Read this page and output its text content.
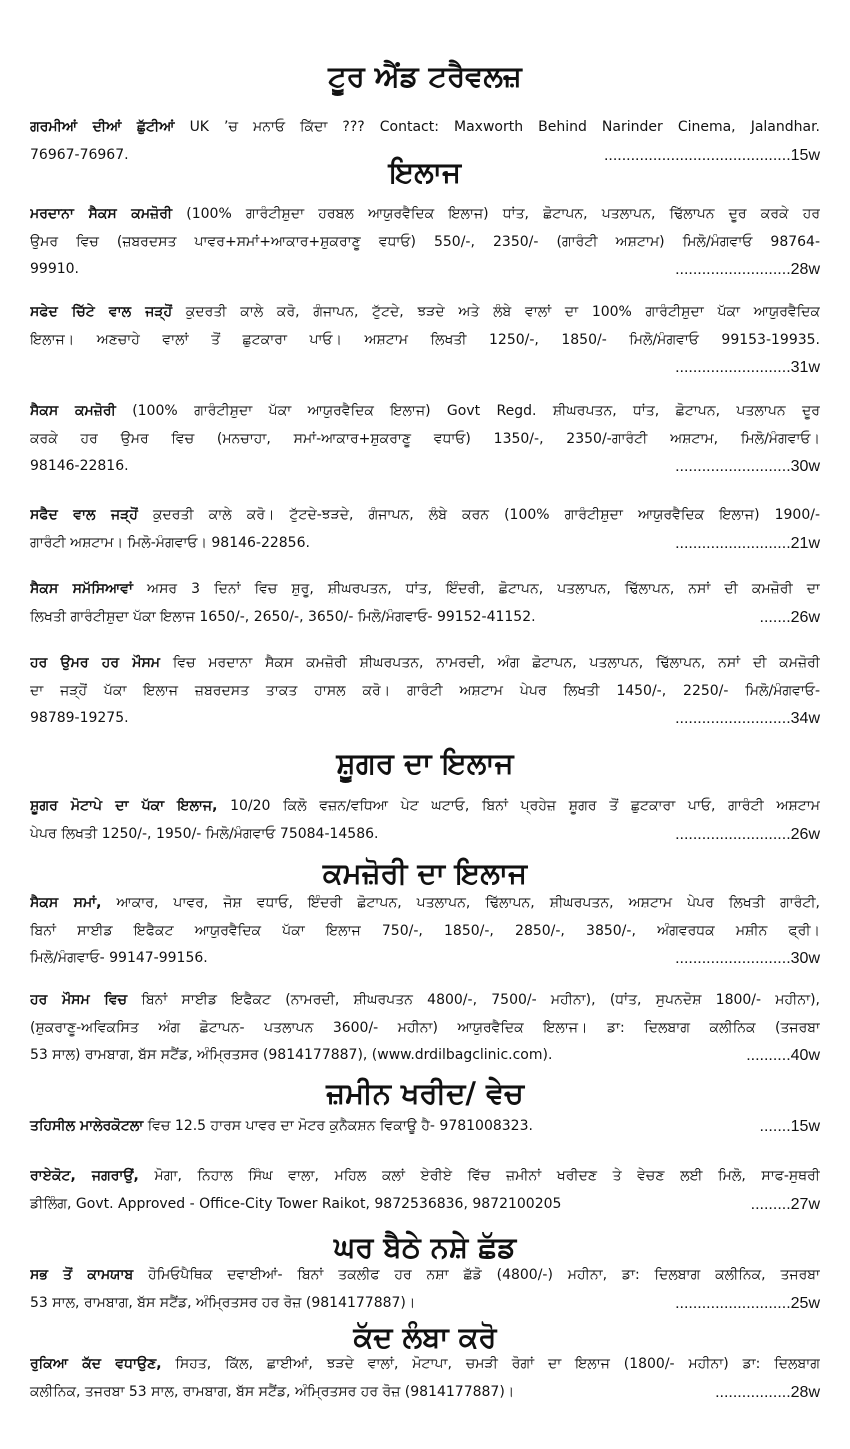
ਟੂਰ ਐਂਡ ਟਰੈਵਲਜ਼
ਗਰਮੀਆਂ ਦੀਆਂ ਛੁੱਟੀਆਂ UK ’ਚ ਮਨਾਓ ਕਿੱਦਾ ??? Contact: Maxworth Behind Narinder Cinema, Jalandhar.
76967-76967.	..........................................15w
ਇਲਾਜ
ਮਰਦਾਨਾ ਸੈਕਸ ਕਮਜ਼ੋਰੀ (100% ਗਾਰੰਟੀਸ਼ੁਦਾ ਹਰਬਲ ਆਯੁਰਵੈਦਿਕ ਇਲਾਜ) ਧਾਂਤ, ਛੋਟਾਪਨ, ਪਤਲਾਪਨ, ਢਿੱਲਾਪਨ ਦੂਰ ਕਰਕੇ ਹਰ
ਉਮਰ ਵਿਚ (ਜ਼ਬਰਦਸਤ ਪਾਵਰ+ਸਮਾਂ+ਆਕਾਰ+ਸ਼ੁਕਰਾਣੂ ਵਧਾਓ) 550/-, 2350/- (ਗਾਰੰਟੀ ਅਸ਼ਟਾਮ) ਮਿਲੋ/ਮੰਗਵਾਓ 98764-
99910.	..........................28w
ਸਫੇਦ ਚਿੱਟੇ ਵਾਲ ਜੜ੍ਹੋਂ ਕੁਦਰਤੀ ਕਾਲੇ ਕਰੋ, ਗੰਜਾਪਨ, ਟੁੱਟਦੇ, ਝੜਦੇ ਅਤੇ ਲੰਬੇ ਵਾਲਾਂ ਦਾ 100% ਗਾਰੰਟੀਸ਼ੁਦਾ ਪੱਕਾ ਆਯੁਰਵੈਦਿਕ
ਇਲਾਜ। ਅਣਚਾਹੇ ਵਾਲਾਂ ਤੋਂ ਛੁਟਕਾਰਾ ਪਾਓ। ਅਸ਼ਟਾਮ ਲਿਖਤੀ 1250/-, 1850/- ਮਿਲੋ/ਮੰਗਵਾਓ 99153-19935.
..........................31w
ਸੈਕਸ ਕਮਜ਼ੋਰੀ (100% ਗਾਰੰਟੀਸ਼ੁਦਾ ਪੱਕਾ ਆਯੁਰਵੈਦਿਕ ਇਲਾਜ) Govt Regd. ਸ਼ੀਘਰਪਤਨ, ਧਾਂਤ, ਛੋਟਾਪਨ, ਪਤਲਾਪਨ ਦੂਰ
ਕਰਕੇ ਹਰ ਉਮਰ ਵਿਚ (ਮਨਚਾਹਾ, ਸਮਾਂ-ਆਕਾਰ+ਸ਼ੁਕਰਾਣੂ ਵਧਾਓ) 1350/-, 2350/-ਗਾਰੰਟੀ ਅਸ਼ਟਾਮ, ਮਿਲੋ/ਮੰਗਵਾਓ।
98146-22816.	..........................30w
ਸਫੈਦ ਵਾਲ ਜੜ੍ਹੋਂ ਕੁਦਰਤੀ ਕਾਲੇ ਕਰੋ। ਟੁੱਟਦੇ-ਝੜਦੇ, ਗੰਜਾਪਨ, ਲੰਬੇ ਕਰਨ (100% ਗਾਰੰਟੀਸ਼ੁਦਾ ਆਯੁਰਵੈਦਿਕ ਇਲਾਜ) 1900/-
ਗਾਰੰਟੀ ਅਸ਼ਟਾਮ। ਮਿਲੋ-ਮੰਗਵਾਓ। 98146-22856.	..........................21w
ਸੈਕਸ ਸਮੱਸਿਆਵਾਂ ਅਸਰ 3 ਦਿਨਾਂ ਵਿਚ ਸ਼ੁਰੂ, ਸ਼ੀਘਰਪਤਨ, ਧਾਂਤ, ਇੰਦਰੀ, ਛੋਟਾਪਨ, ਪਤਲਾਪਨ, ਢਿੱਲਾਪਨ, ਨਸਾਂ ਦੀ ਕਮਜ਼ੋਰੀ ਦਾ
ਲਿਖਤੀ ਗਾਰੰਟੀਸ਼ੁਦਾ ਪੱਕਾ ਇਲਾਜ 1650/-, 2650/-, 3650/- ਮਿਲੋ/ਮੰਗਵਾਓ- 99152-41152.	.......26w
ਹਰ ਉਮਰ ਹਰ ਮੌਸਮ ਵਿਚ ਮਰਦਾਨਾ ਸੈਕਸ ਕਮਜ਼ੋਰੀ ਸ਼ੀਘਰਪਤਨ, ਨਾਮਰਦੀ, ਅੰਗ ਛੋਟਾਪਨ, ਪਤਲਾਪਨ, ਢਿੱਲਾਪਨ, ਨਸਾਂ ਦੀ ਕਮਜ਼ੋਰੀ
ਦਾ ਜੜ੍ਹੋਂ ਪੱਕਾ ਇਲਾਜ ਜ਼ਬਰਦਸਤ ਤਾਕਤ ਹਾਸਲ ਕਰੋ। ਗਾਰੰਟੀ ਅਸ਼ਟਾਮ ਪੇਪਰ ਲਿਖਤੀ 1450/-, 2250/- ਮਿਲੋ/ਮੰਗਵਾਓ-
98789-19275.	..........................34w
ਸ਼ੂਗਰ ਦਾ ਇਲਾਜ
ਸ਼ੂਗਰ ਮੋਟਾਪੇ ਦਾ ਪੱਕਾ ਇਲਾਜ, 10/20 ਕਿਲੋ ਵਜ਼ਨ/ਵਧਿਆ ਪੇਟ ਘਟਾਓ, ਬਿਨਾਂ ਪ੍ਰਹੇਜ਼ ਸ਼ੂਗਰ ਤੋਂ ਛੁਟਕਾਰਾ ਪਾਓ, ਗਾਰੰਟੀ ਅਸ਼ਟਾਮ
ਪੇਪਰ ਲਿਖਤੀ 1250/-, 1950/- ਮਿਲੋ/ਮੰਗਵਾਓ 75084-14586.	..........................26w
ਕਮਜ਼ੋਰੀ ਦਾ ਇਲਾਜ
ਸੈਕਸ ਸਮਾਂ, ਆਕਾਰ, ਪਾਵਰ, ਜੋਸ਼ ਵਧਾਓ, ਇੰਦਰੀ ਛੋਟਾਪਨ, ਪਤਲਾਪਨ, ਢਿੱਲਾਪਨ, ਸ਼ੀਘਰਪਤਨ, ਅਸ਼ਟਾਮ ਪੇਪਰ ਲਿਖਤੀ ਗਾਰੰਟੀ,
ਬਿਨਾਂ ਸਾਈਡ ਇਫੈਕਟ ਆਯੁਰਵੈਦਿਕ ਪੱਕਾ ਇਲਾਜ 750/-, 1850/-, 2850/-, 3850/-, ਅੰਗਵਰਧਕ ਮਸ਼ੀਨ ਫ੍ਰੀ।
ਮਿਲੋ/ਮੰਗਵਾਓ- 99147-99156.	..........................30w
ਹਰ ਮੌਸਮ ਵਿਚ ਬਿਨਾਂ ਸਾਈਡ ਇਫੈਕਟ (ਨਾਮਰਦੀ, ਸ਼ੀਘਰਪਤਨ 4800/-, 7500/- ਮਹੀਨਾ), (ਧਾਂਤ, ਸੁਪਨਦੋਸ਼ 1800/- ਮਹੀਨਾ),
(ਸ਼ੁਕਰਾਣੂ-ਅਵਿਕਸਿਤ ਅੰਗ ਛੋਟਾਪਨ- ਪਤਲਾਪਨ 3600/- ਮਹੀਨਾ) ਆਯੁਰਵੈਦਿਕ ਇਲਾਜ। ਡਾ: ਦਿਲਬਾਗ ਕਲੀਨਿਕ (ਤਜਰਬਾ
53 ਸਾਲ) ਰਾਮਬਾਗ, ਬੱਸ ਸਟੈਂਡ, ਅੰਮ੍ਰਿਤਸਰ (9814177887), (www.drdilbagclinic.com).	..........40w
ਜ਼ਮੀਨ ਖਰੀਦ/ ਵੇਚ
ਤਹਿਸੀਲ ਮਾਲੇਰਕੋਟਲਾ ਵਿਚ 12.5 ਹਾਰਸ ਪਾਵਰ ਦਾ ਮੋਟਰ ਕੁਨੈਕਸ਼ਨ ਵਿਕਾਊ ਹੈ- 9781008323.	.......15w
ਰਾਏਕੋਟ, ਜਗਰਾਉਂ, ਮੋਗਾ, ਨਿਹਾਲ ਸਿੰਘ ਵਾਲਾ, ਮਹਿਲ ਕਲਾਂ ਏਰੀਏ ਵਿੱਚ ਜ਼ਮੀਨਾਂ ਖਰੀਦਣ ਤੇ ਵੇਚਣ ਲਈ ਮਿਲੋ, ਸਾਫ-ਸੁਥਰੀ
ਡੀਲਿੰਗ, Govt. Approved - Office-City Tower Raikot, 9872536836, 9872100205	.........27w
ਘਰ ਬੈਠੇ ਨਸ਼ੇ ਛੱਡ
ਸਭ ਤੋਂ ਕਾਮਯਾਬ ਹੋਮਿਓਪੈਥਿਕ ਦਵਾਈਆਂ- ਬਿਨਾਂ ਤਕਲੀਫ ਹਰ ਨਸ਼ਾ ਛੱਡੋ (4800/-) ਮਹੀਨਾ, ਡਾ: ਦਿਲਬਾਗ ਕਲੀਨਿਕ, ਤਜਰਬਾ
53 ਸਾਲ, ਰਾਮਬਾਗ, ਬੱਸ ਸਟੈਂਡ, ਅੰਮ੍ਰਿਤਸਰ ਹਰ ਰੋਜ਼ (9814177887)।	..........................25w
ਕੱਦ ਲੰਬਾ ਕਰੋ
ਰੁਕਿਆ ਕੱਦ ਵਧਾਉਣ, ਸਿਹਤ, ਕਿੱਲ, ਛਾਈਆਂ, ਝੜਦੇ ਵਾਲਾਂ, ਮੋਟਾਪਾ, ਚਮੜੀ ਰੋਗਾਂ ਦਾ ਇਲਾਜ (1800/- ਮਹੀਨਾ) ਡਾ: ਦਿਲਬਾਗ
ਕਲੀਨਿਕ, ਤਜਰਬਾ 53 ਸਾਲ, ਰਾਮਬਾਗ, ਬੱਸ ਸਟੈਂਡ, ਅੰਮ੍ਰਿਤਸਰ ਹਰ ਰੋਜ਼ (9814177887)।	.................28w
